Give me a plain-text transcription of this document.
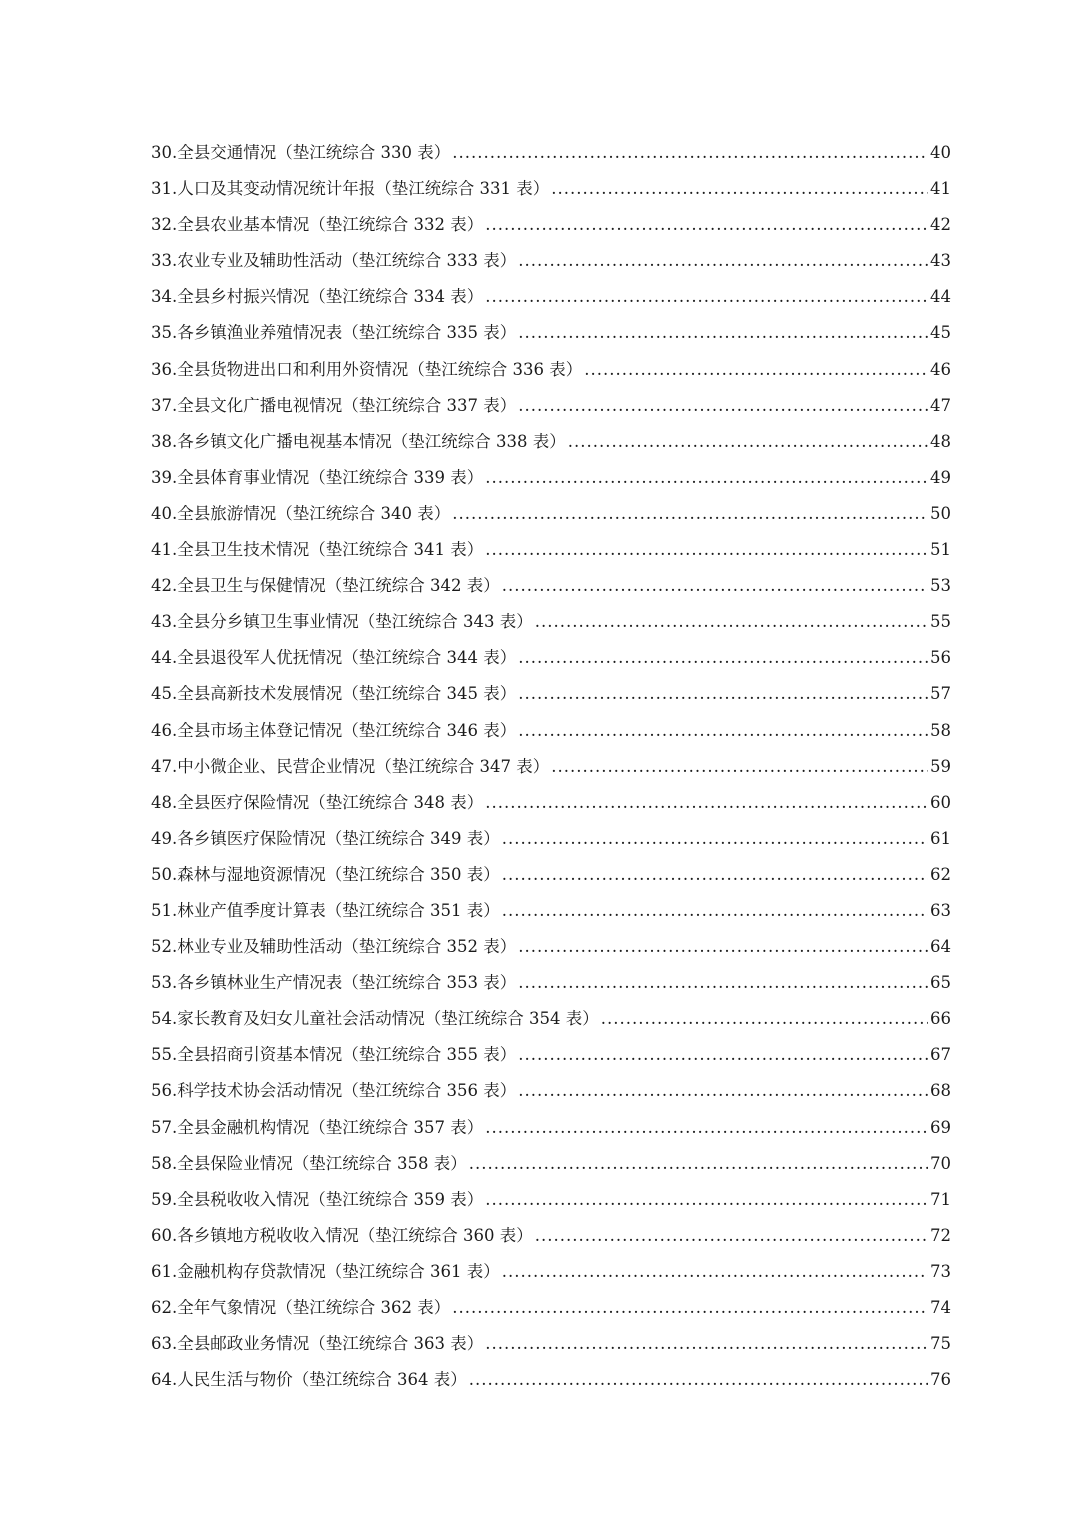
30.全县交通情况（垫江统综合 330 表） .....	40
31.人口及其变动情况统计年报（垫江统综合 331 表） .....	41
32.全县农业基本情况（垫江统综合 332 表） .....	42
33.农业专业及辅助性活动（垫江统综合 333 表） .....	43
34.全县乡村振兴情况（垫江统综合 334 表） .....	44
35.各乡镇渔业养殖情况表（垫江统综合 335 表） .....	45
36.全县货物进出口和利用外资情况（垫江统综合 336 表） .....	46
37.全县文化广播电视情况（垫江统综合 337 表） .....	47
38.各乡镇文化广播电视基本情况（垫江统综合 338 表） .....	48
39.全县体育事业情况（垫江统综合 339 表） .....	49
40.全县旅游情况（垫江统综合 340 表） .....	50
41.全县卫生技术情况（垫江统综合 341 表） .....	51
42.全县卫生与保健情况（垫江统综合 342 表） .....	53
43.全县分乡镇卫生事业情况（垫江统综合 343 表） .....	55
44.全县退役军人优抚情况（垫江统综合 344 表） .....	56
45.全县高新技术发展情况（垫江统综合 345 表） .....	57
46.全县市场主体登记情况（垫江统综合 346 表） .....	58
47.中小微企业、民营企业情况（垫江统综合 347 表） .....	59
48.全县医疗保险情况（垫江统综合 348 表） .....	60
49.各乡镇医疗保险情况（垫江统综合 349 表） .....	61
50.森林与湿地资源情况（垫江统综合 350 表） .....	62
51.林业产值季度计算表（垫江统综合 351 表） .....	63
52.林业专业及辅助性活动（垫江统综合 352 表） .....	64
53.各乡镇林业生产情况表（垫江统综合 353 表） .....	65
54.家长教育及妇女儿童社会活动情况（垫江统综合 354 表） .....	66
55.全县招商引资基本情况（垫江统综合 355 表） .....	67
56.科学技术协会活动情况（垫江统综合 356 表） .....	68
57.全县金融机构情况（垫江统综合 357 表） .....	69
58.全县保险业情况（垫江统综合 358 表） .....	70
59.全县税收收入情况（垫江统综合 359 表） .....	71
60.各乡镇地方税收收入情况（垫江统综合 360 表） .....	72
61.金融机构存贷款情况（垫江统综合 361 表） .....	73
62.全年气象情况（垫江统综合 362 表） .....	74
63.全县邮政业务情况（垫江统综合 363 表） .....	75
64.人民生活与物价（垫江统综合 364 表） .....	76
